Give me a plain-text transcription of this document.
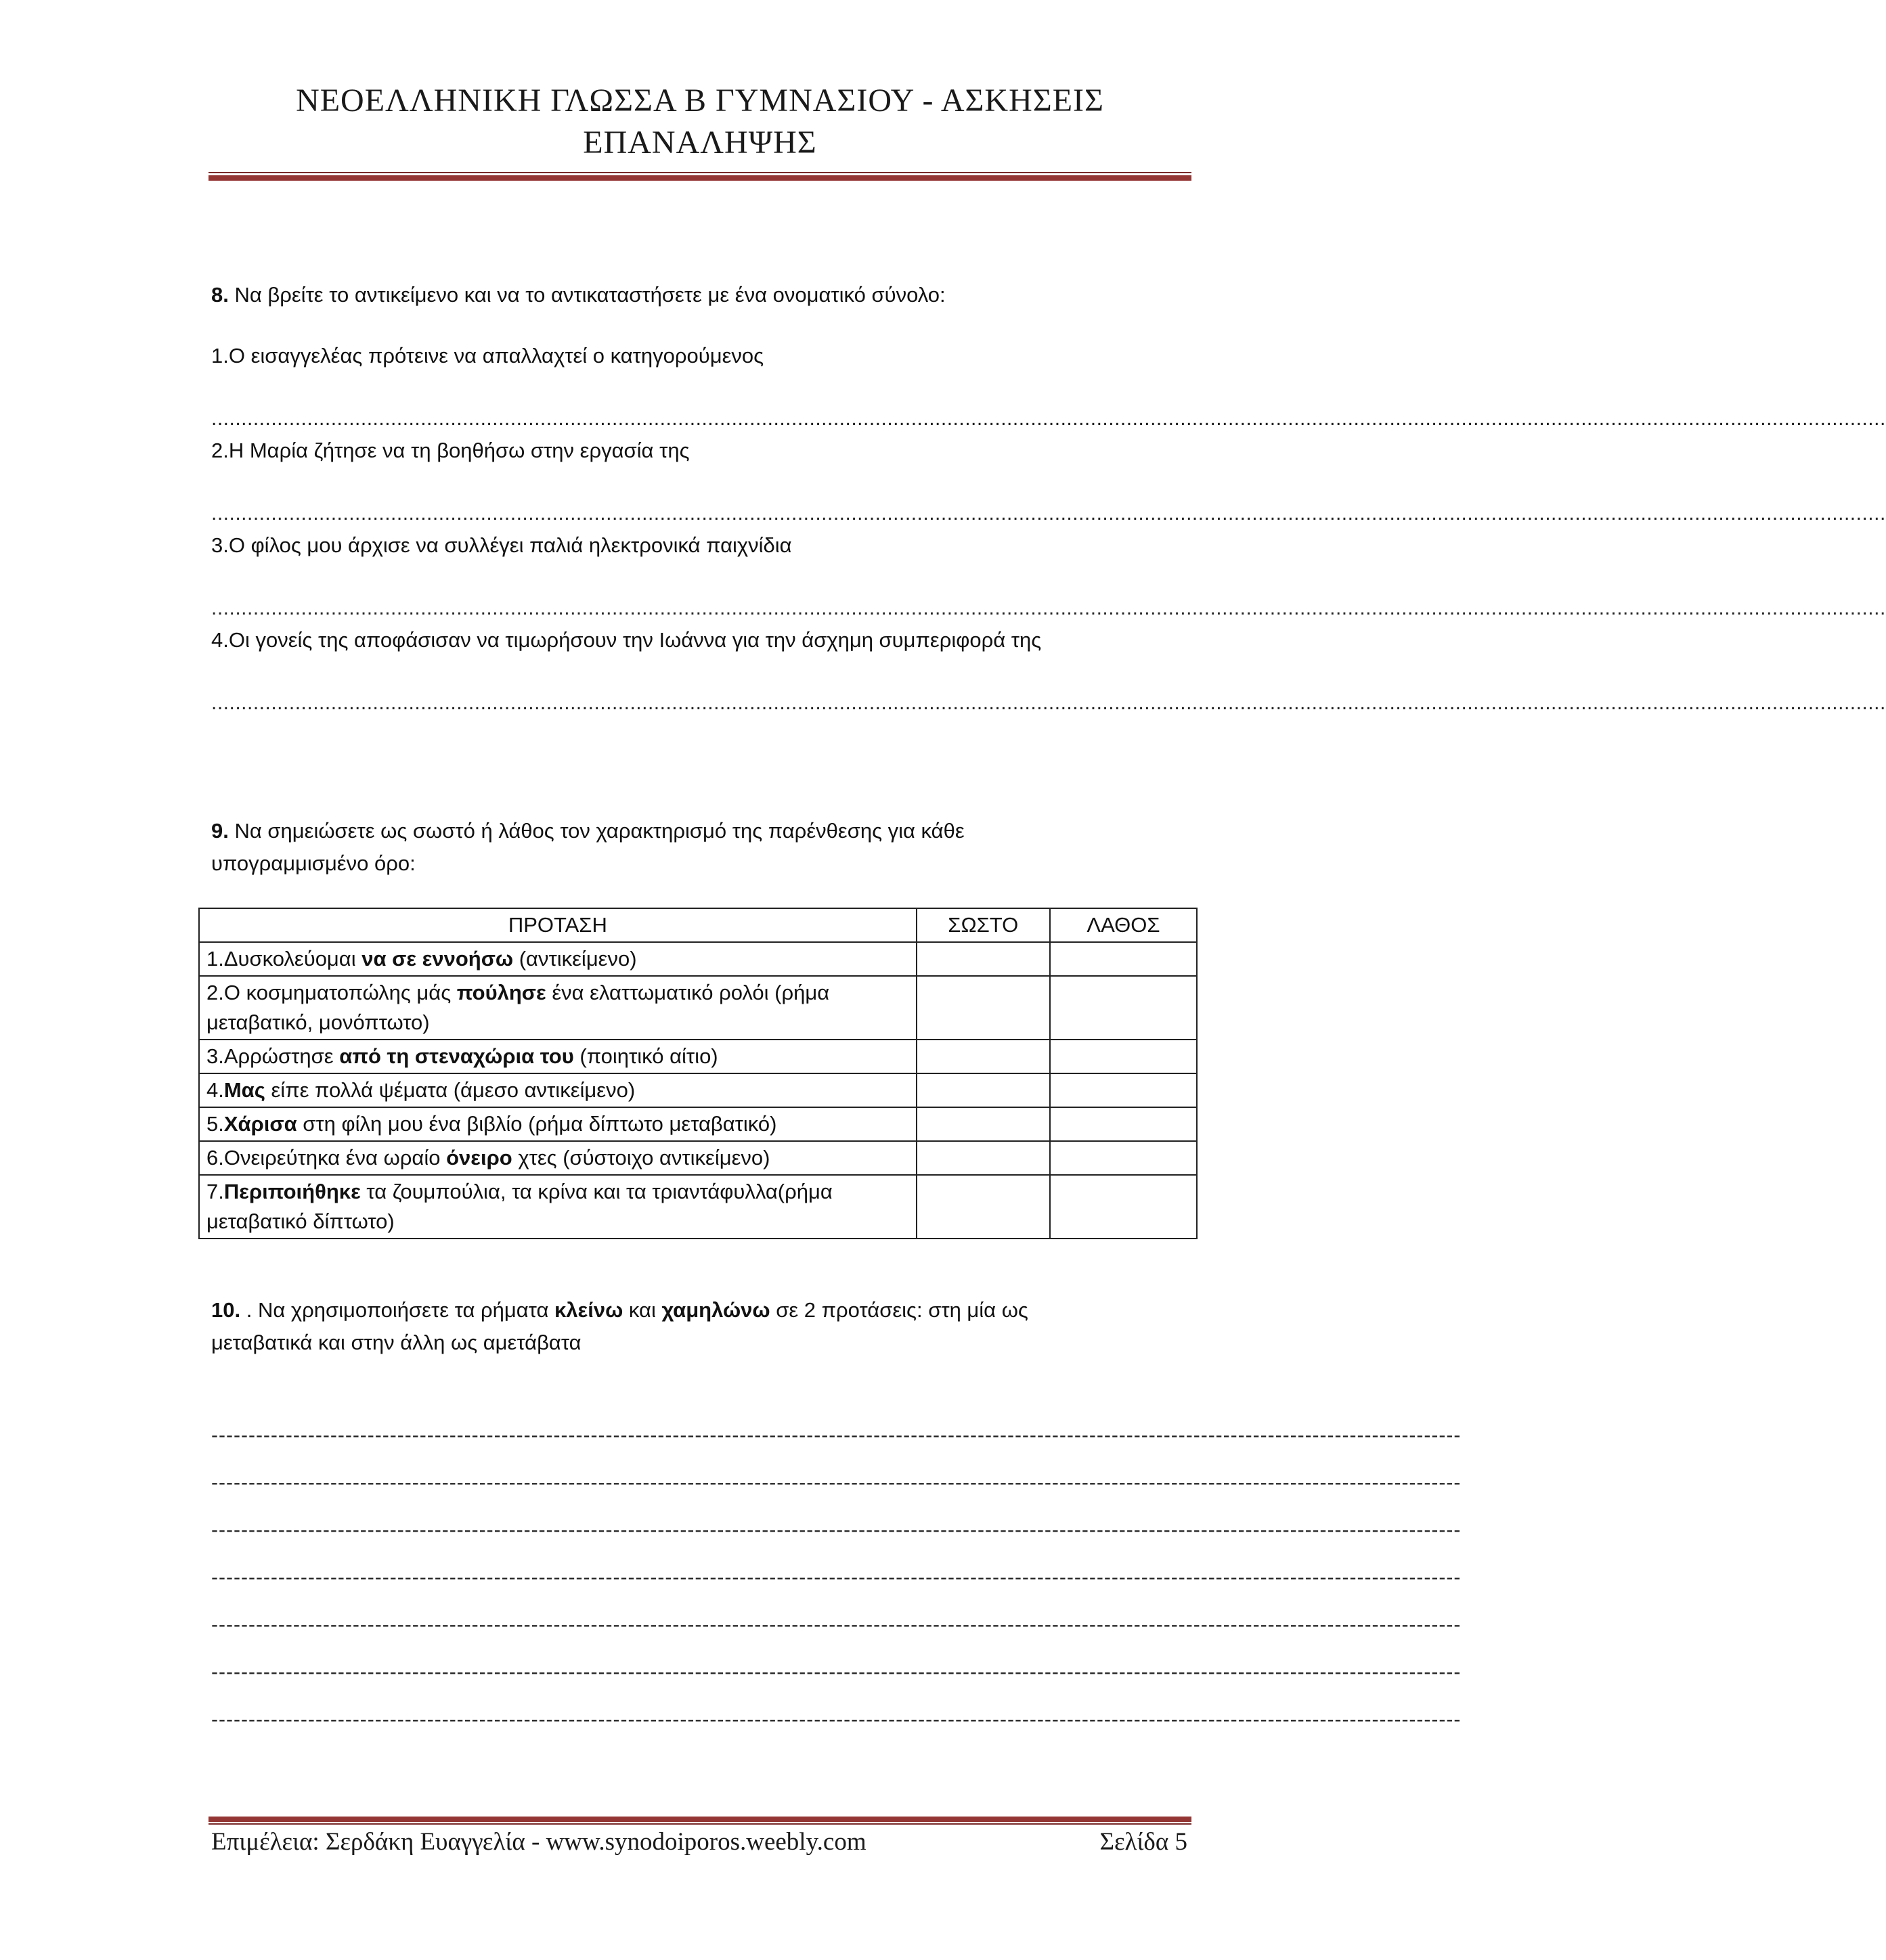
ΝΕΟΕΛΛΗΝΙΚΗ ΓΛΩΣΣΑ Β ΓΥΜΝΑΣΙΟΥ - ΑΣΚΗΣΕΙΣ
ΕΠΑΝΑΛΗΨΗΣ
8. Να βρείτε το αντικείμενο και να το αντικαταστήσετε με ένα ονοματικό σύνολο:
1.Ο εισαγγελέας πρότεινε να απαλλαχτεί ο κατηγορούμενος
........................................................................................................................................................................................................................................................................................
2.Η Μαρία ζήτησε να τη βοηθήσω στην εργασία της
........................................................................................................................................................................................................................................................................................
3.Ο φίλος μου άρχισε να συλλέγει παλιά ηλεκτρονικά παιχνίδια
........................................................................................................................................................................................................................................................................................
4.Οι γονείς της αποφάσισαν να τιμωρήσουν την Ιωάννα για την άσχημη συμπεριφορά της
........................................................................................................................................................................................................................................................................................
9. Να σημειώσετε ως σωστό ή λάθος τον χαρακτηρισμό της παρένθεσης για κάθε
υπογραμμισμένο όρο:
ΠΡΟΤΑΣΗ	ΣΩΣΤΟ	ΛΑΘΟΣ
1.Δυσκολεύομαι να σε εννοήσω (αντικείμενο)		
2.Ο κοσμηματοπώλης μάς πούλησε ένα ελαττωματικό ρολόι (ρήμα μεταβατικό, μονόπτωτο)		
3.Αρρώστησε από τη στεναχώρια του (ποιητικό αίτιο)		
4.Μας είπε πολλά ψέματα (άμεσο αντικείμενο)		
5.Χάρισα στη φίλη μου ένα βιβλίο (ρήμα δίπτωτο μεταβατικό)		
6.Ονειρεύτηκα ένα ωραίο όνειρο χτες (σύστοιχο αντικείμενο)		
7.Περιποιήθηκε τα ζουμπούλια, τα κρίνα και τα τριαντάφυλλα(ρήμα μεταβατικό δίπτωτο)		
10. . Να χρησιμοποιήσετε τα ρήματα κλείνω και χαμηλώνω σε 2 προτάσεις: στη μία ως
μεταβατικά και στην άλλη ως αμετάβατα
------------------------------------------------------------------------------------------------------------------------------------------------------------------------
------------------------------------------------------------------------------------------------------------------------------------------------------------------------
------------------------------------------------------------------------------------------------------------------------------------------------------------------------
------------------------------------------------------------------------------------------------------------------------------------------------------------------------
------------------------------------------------------------------------------------------------------------------------------------------------------------------------
------------------------------------------------------------------------------------------------------------------------------------------------------------------------
------------------------------------------------------------------------------------------------------------------------------------------------------------------------
Επιμέλεια: Σερδάκη Ευαγγελία - www.synodoiporos.weebly.com	Σελίδα 5
